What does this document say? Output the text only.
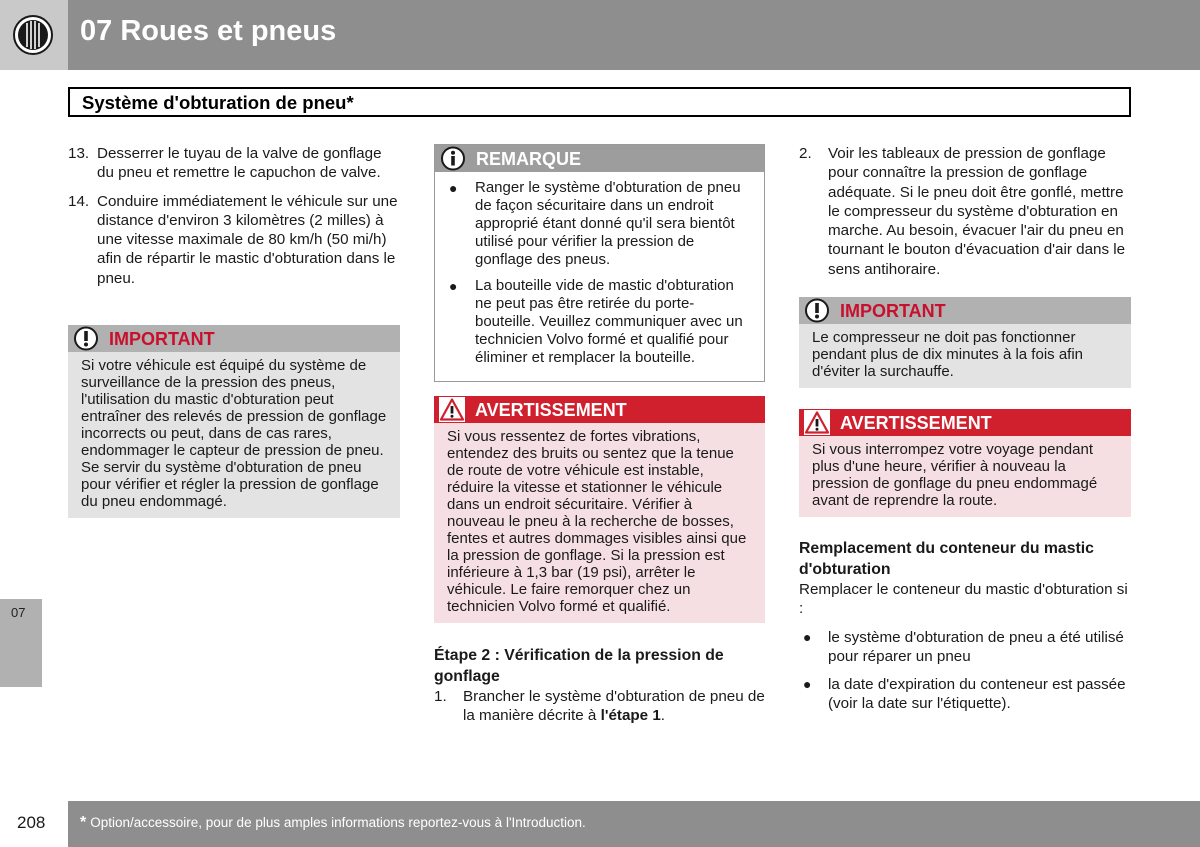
07 Roues et pneus
Système d'obturation de pneu*
13. Desserrer le tuyau de la valve de gonflage du pneu et remettre le capuchon de valve.
14. Conduire immédiatement le véhicule sur une distance d'environ 3 kilomètres (2 milles) à une vitesse maximale de 80 km/h (50 mi/h) afin de répartir le mastic d'obturation dans le pneu.
IMPORTANT
Si votre véhicule est équipé du système de surveillance de la pression des pneus, l'utilisation du mastic d'obturation peut entraîner des relevés de pression de gonflage incorrects ou peut, dans de cas rares, endommager le capteur de pression de pneu. Se servir du système d'obturation de pneu pour vérifier et régler la pression de gonflage du pneu endommagé.
REMARQUE
● Ranger le système d'obturation de pneu de façon sécuritaire dans un endroit approprié étant donné qu'il sera bientôt utilisé pour vérifier la pression de gonflage des pneus.
● La bouteille vide de mastic d'obturation ne peut pas être retirée du porte-bouteille. Veuillez communiquer avec un technicien Volvo formé et qualifié pour éliminer et remplacer la bouteille.
AVERTISSEMENT
Si vous ressentez de fortes vibrations, entendez des bruits ou sentez que la tenue de route de votre véhicule est instable, réduire la vitesse et stationner le véhicule dans un endroit sécuritaire. Vérifier à nouveau le pneu à la recherche de bosses, fentes et autres dommages visibles ainsi que la pression de gonflage. Si la pression est inférieure à 1,3 bar (19 psi), arrêter le véhicule. Le faire remorquer chez un technicien Volvo formé et qualifié.
Étape 2 : Vérification de la pression de gonflage
1. Brancher le système d'obturation de pneu de la manière décrite à l'étape 1.
2. Voir les tableaux de pression de gonflage pour connaître la pression de gonflage adéquate. Si le pneu doit être gonflé, mettre le compresseur du système d'obturation en marche. Au besoin, évacuer l'air du pneu en tournant le bouton d'évacuation d'air dans le sens antihoraire.
IMPORTANT
Le compresseur ne doit pas fonctionner pendant plus de dix minutes à la fois afin d'éviter la surchauffe.
AVERTISSEMENT
Si vous interrompez votre voyage pendant plus d'une heure, vérifier à nouveau la pression de gonflage du pneu endommagé avant de reprendre la route.
Remplacement du conteneur du mastic d'obturation
Remplacer le conteneur du mastic d'obturation si :
● le système d'obturation de pneu a été utilisé pour réparer un pneu
● la date d'expiration du conteneur est passée (voir la date sur l'étiquette).
07
208 * Option/accessoire, pour de plus amples informations reportez-vous à l'Introduction.
